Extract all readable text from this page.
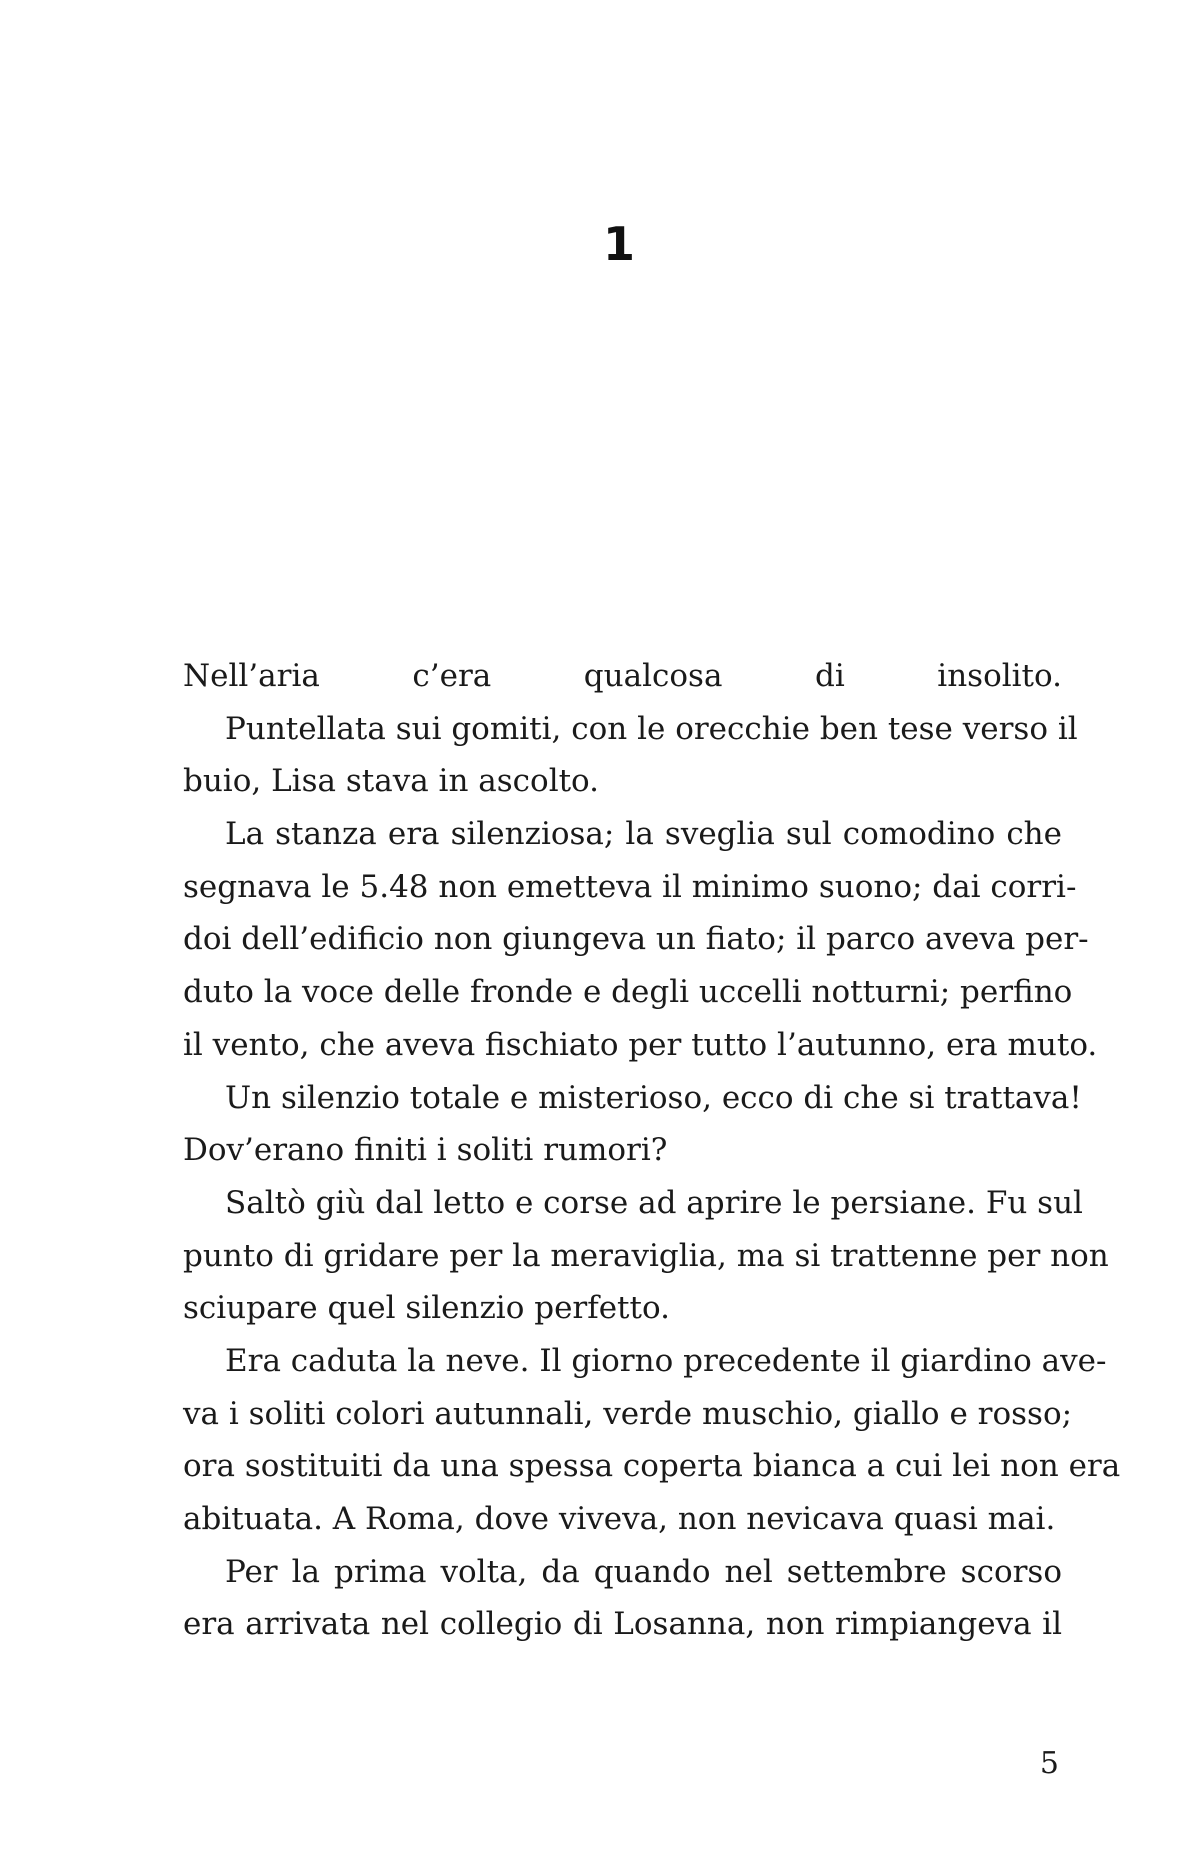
1
Nell’aria c’era qualcosa di insolito.
Puntellata sui gomiti, con le orecchie ben tese verso il
buio, Lisa stava in ascolto.
La stanza era silenziosa; la sveglia sul comodino che
segnava le 5.48 non emetteva il minimo suono; dai corri-
doi dell’edificio non giungeva un fiato; il parco aveva per-
duto la voce delle fronde e degli uccelli notturni; perfino
il vento, che aveva fischiato per tutto l’autunno, era muto.
Un silenzio totale e misterioso, ecco di che si trattava!
Dov’erano finiti i soliti rumori?
Saltò giù dal letto e corse ad aprire le persiane. Fu sul
punto di gridare per la meraviglia, ma si trattenne per non
sciupare quel silenzio perfetto.
Era caduta la neve. Il giorno precedente il giardino ave-
va i soliti colori autunnali, verde muschio, giallo e rosso;
ora sostituiti da una spessa coperta bianca a cui lei non era
abituata. A Roma, dove viveva, non nevicava quasi mai.
Per la prima volta, da quando nel settembre scorso
era arrivata nel collegio di Losanna, non rimpiangeva il
5
